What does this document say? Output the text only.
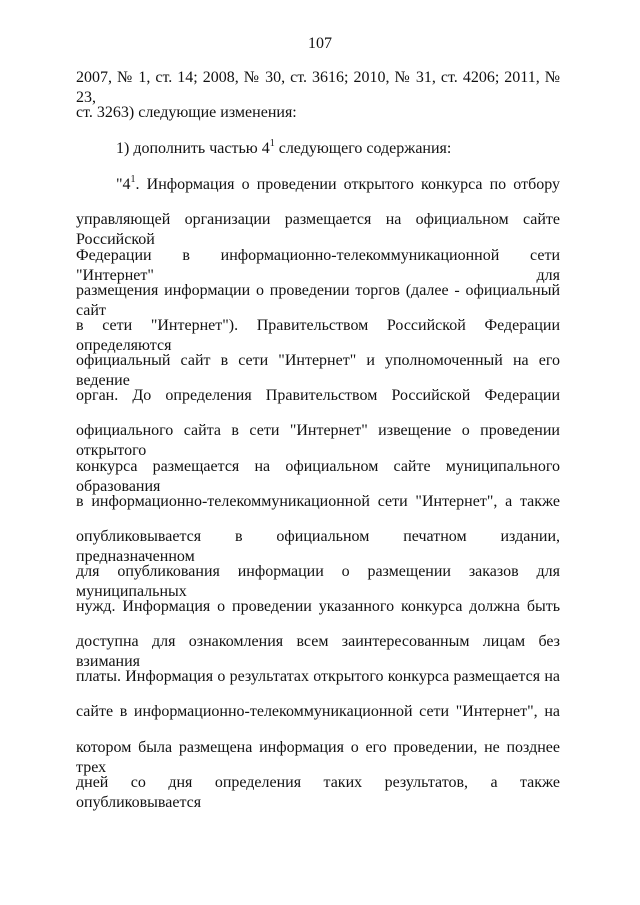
107
2007, № 1, ст. 14; 2008, № 30, ст. 3616; 2010, № 31, ст. 4206; 2011, № 23,
ст. 3263) следующие изменения:
1) дополнить частью $4^1$ следующего содержания:
"$4^1$. Информация о проведении открытого конкурса по отбору
управляющей организации размещается на официальном сайте Российской
Федерации в информационно-телекоммуникационной сети "Интернет" для
размещения информации о проведении торгов (далее - официальный сайт
в сети "Интернет"). Правительством Российской Федерации определяются
официальный сайт в сети "Интернет" и уполномоченный на его ведение
орган. До определения Правительством Российской Федерации
официального сайта в сети "Интернет" извещение о проведении открытого
конкурса размещается на официальном сайте муниципального образования
в информационно-телекоммуникационной сети "Интернет", а также
опубликовывается в официальном печатном издании, предназначенном
для опубликования информации о размещении заказов для муниципальных
нужд. Информация о проведении указанного конкурса должна быть
доступна для ознакомления всем заинтересованным лицам без взимания
платы. Информация о результатах открытого конкурса размещается на
сайте в информационно-телекоммуникационной сети "Интернет", на
котором была размещена информация о его проведении, не позднее трех
дней со дня определения таких результатов, а также опубликовывается
